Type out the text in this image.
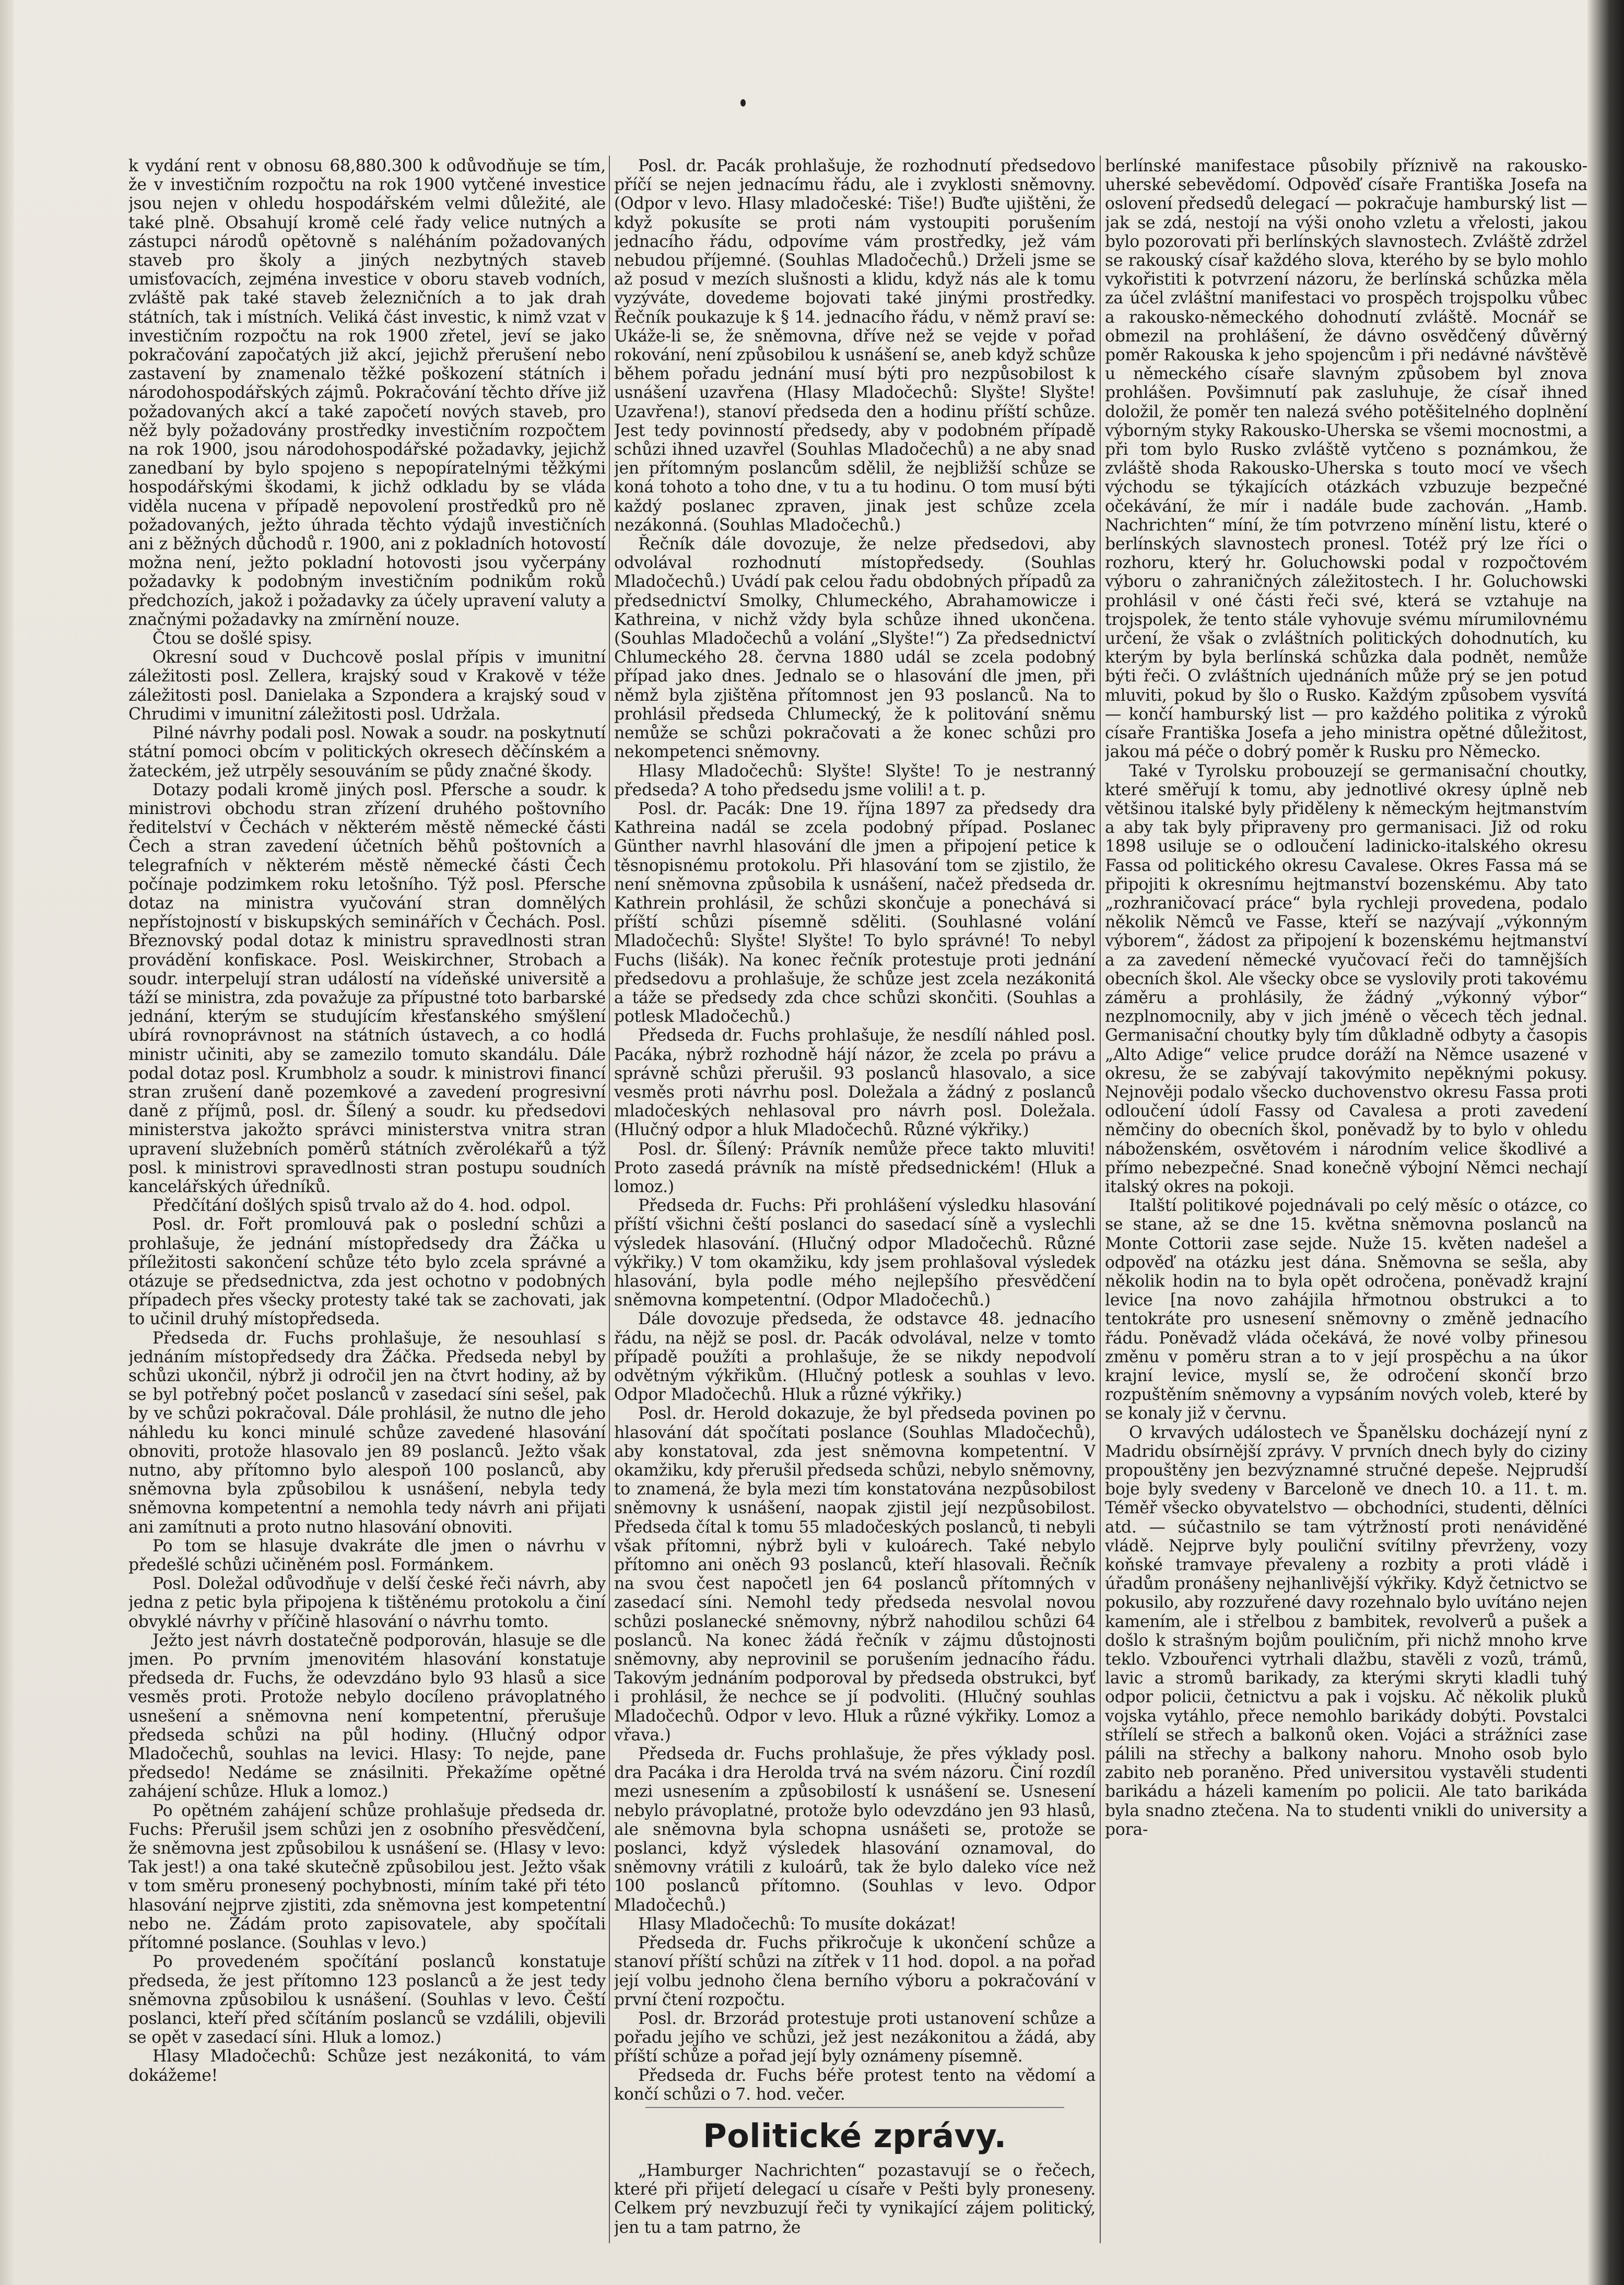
k vydání rent v obnosu 68,880.300 k odůvodňuje se tím, že v investičním rozpočtu na rok 1900 vytčené investice jsou nejen v ohledu hospodářském velmi důležité, ale také plně. Obsahují kromě celé řady velice nutných a zástupci národů opětovně s naléháním požadovaných staveb pro školy a jiných nezbytných staveb umisťovacích, zejména investice v oboru staveb vodních, zvláště pak také staveb železničních a to jak drah státních, tak i místních. Veliká část investic, k nimž vzat v investičním rozpočtu na rok 1900 zřetel, jeví se jako pokračování započatých již akcí, jejichž přerušení nebo zastavení by znamenalo těžké poškození státních i národohospodářských zájmů. Pokračování těchto dříve již požadovaných akcí a také započetí nových staveb, pro něž byly požadovány prostředky investičním rozpočtem na rok 1900, jsou národohospodářské požadavky, jejichž zanedbaní by bylo spojeno s nepopíratelnými těžkými hospodářskými škodami, k jichž odkladu by se vláda viděla nucena v případě nepovolení prostředků pro ně požadovaných, ježto úhrada těchto výdajů investičních ani z běžných důchodů r. 1900, ani z pokladních hotovostí možna není, ježto pokladní hotovosti jsou vyčerpány požadavky k podobným investičním podnikům roků předchozích, jakož i požadavky za účely upravení valuty a značnými požadavky na zmírnění nouze.

Čtou se došlé spisy.

Okresní soud v Duchcově poslal přípis v imunitní záležitosti posl. Zellera, krajský soud v Krakově v téže záležitosti posl. Danielaka a Szpondera a krajský soud v Chrudimi v imunitní záležitosti posl. Udržala.

Pilné návrhy podali posl. Nowak a soudr. na poskytnutí státní pomoci obcím v politických okresech děčínském a žateckém, jež utrpěly sesouváním se půdy značné škody.

Dotazy podali kromě jiných posl. Pfersche a soudr. k ministrovi obchodu stran zřízení druhého poštovního ředitelství v Čechách v některém městě německé části Čech a stran zavedení účetních běhů poštovních a telegrafních v některém městě německé části Čech počínaje podzimkem roku letošního. Týž posl. Pfersche dotaz na ministra vyučování stran domnělých nepřístojností v biskupských seminářích v Čechách. Posl. Březnovský podal dotaz k ministru spravedlnosti stran provádění konfiskace. Posl. Weiskirchner, Strobach a soudr. interpelují stran událostí na vídeňské universitě a táží se ministra, zda považuje za přípustné toto barbarské jednání, kterým se studujícím křesťanského smýšlení ubírá rovnoprávnost na státních ústavech, a co hodlá ministr učiniti, aby se zamezilo tomuto skandálu. Dále podal dotaz posl. Krumbholz a soudr. k ministrovi financí stran zrušení daně pozemkové a zavedení progresivní daně z příjmů, posl. dr. Šílený a soudr. ku předsedovi ministerstva jakožto správci ministerstva vnitra stran upravení služebních poměrů státních zvěrolékařů a týž posl. k ministrovi spravedlnosti stran postupu soudních kancelářských úředníků.

Předčítání došlých spisů trvalo až do 4. hod. odpol.

Posl. dr. Fořt promlouvá pak o poslední schůzi a prohlašuje, že jednání místopředsedy dra Žáčka u příležitosti sakončení schůze této bylo zcela správné a otázuje se předsednictva, zda jest ochotno v podobných případech přes všecky protesty také tak se zachovati, jak to učinil druhý místopředseda.

Předseda dr. Fuchs prohlašuje, že nesouhlasí s jednáním místopředsedy dra Žáčka. Předseda nebyl by schůzi ukončil, nýbrž ji odročil jen na čtvrt hodiny, až by se byl potřebný počet poslanců v zasedací síni sešel, pak by ve schůzi pokračoval. Dále prohlásil, že nutno dle jeho náhledu ku konci minulé schůze zavedené hlasování obnoviti, protože hlasovalo jen 89 poslanců. Ježto však nutno, aby přítomno bylo alespoň 100 poslanců, aby sněmovna byla způsobilou k usnášení, nebyla tedy sněmovna kompetentní a nemohla tedy návrh ani přijati ani zamítnuti a proto nutno hlasování obnoviti.

Po tom se hlasuje dvakráte dle jmen o návrhu v předešlé schůzi učiněném posl. Formánkem.

Posl. Doležal odůvodňuje v delší české řeči návrh, aby jedna z petic byla připojena k tištěnému protokolu a činí obvyklé návrhy v příčině hlasování o návrhu tomto.

Ježto jest návrh dostatečně podporován, hlasuje se dle jmen. Po prvním jmenovitém hlasování konstatuje předseda dr. Fuchs, že odevzdáno bylo 93 hlasů a sice vesměs proti. Protože nebylo docíleno právoplatného usnešení a sněmovna není kompetentní, přerušuje předseda schůzi na půl hodiny. (Hlučný odpor Mladočechů, souhlas na levici. Hlasy: To nejde, pane předsedo! Nedáme se znásilniti. Překažíme opětné zahájení schůze. Hluk a lomoz.)

Po opětném zahájení schůze prohlašuje předseda dr. Fuchs: Přerušil jsem schůzi jen z osobního přesvědčení, že sněmovna jest způsobilou k usnášení se. (Hlasy v levo: Tak jest!) a ona také skutečně způsobilou jest. Ježto však v tom směru pronesený pochybnosti, míním také při této hlasování nejprve zjistiti, zda sněmovna jest kompetentní nebo ne. Žádám proto zapisovatele, aby spočítali přítomné poslance. (Souhlas v levo.)

Po provedeném spočítání poslanců konstatuje předseda, že jest přítomno 123 poslanců a že jest tedy sněmovna způsobilou k usnášení. (Souhlas v levo. Čeští poslanci, kteří před sčítáním poslanců se vzdálili, objevili se opět v zasedací síni. Hluk a lomoz.)

Hlasy Mladočechů: Schůze jest nezákonitá, to vám dokážeme!

Posl. dr. Pacák prohlašuje, že rozhodnutí předsedovo příčí se nejen jednacímu řádu, ale i zvyklosti sněmovny. (Odpor v levo. Hlasy mladočeské: Tiše!) Buďte ujištěni, že když pokusíte se proti nám vystoupiti porušením jednacího řádu, odpovíme vám prostředky, jež vám nebudou příjemné. (Souhlas Mladočechů.) Drželi jsme se až posud v mezích slušnosti a klidu, když nás ale k tomu vyzýváte, dovedeme bojovati také jinými prostředky. Řečník poukazuje k § 14. jednacího řádu, v němž praví se: Ukáže-li se, že sněmovna, dříve než se vejde v pořad rokování, není způsobilou k usnášení se, aneb když schůze během pořadu jednání musí býti pro nezpůsobilost k usnášení uzavřena (Hlasy Mladočechů: Slyšte! Slyšte! Uzavřena!), stanoví předseda den a hodinu příští schůze. Jest tedy povinností předsedy, aby v podobném případě schůzi ihned uzavřel (Souhlas Mladočechů) a ne aby snad jen přítomným poslancům sdělil, že nejbližší schůze se koná tohoto a toho dne, v tu a tu hodinu. O tom musí býti každý poslanec zpraven, jinak jest schůze zcela nezákonná. (Souhlas Mladočechů.)

Řečník dále dovozuje, že nelze předsedovi, aby odvolával rozhodnutí místopředsedy. (Souhlas Mladočechů.) Uvádí pak celou řadu obdobných případů za předsednictví Smolky, Chlumeckého, Abrahamowicze i Kathreina, v nichž vždy byla schůze ihned ukončena. (Souhlas Mladočechů a volání „Slyšte!“) Za předsednictví Chlumeckého 28. června 1880 udál se zcela podobný případ jako dnes. Jednalo se o hlasování dle jmen, při němž byla zjištěna přítomnost jen 93 poslanců. Na to prohlásil předseda Chlumecký, že k politování sněmu nemůže se schůzi pokračovati a že konec schůzi pro nekompetenci sněmovny.

Hlasy Mladočechů: Slyšte! Slyšte! To je nestranný předseda? A toho předsedu jsme volili! a t. p.

Posl. dr. Pacák: Dne 19. října 1897 za předsedy dra Kathreina nadál se zcela podobný případ. Poslanec Günther navrhl hlasování dle jmen a připojení petice k těsnopisnému protokolu. Při hlasování tom se zjistilo, že není sněmovna způsobila k usnášení, načež předseda dr. Kathrein prohlásil, že schůzi skončuje a ponechává si příští schůzi písemně sděliti. (Souhlasné volání Mladočechů: Slyšte! Slyšte! To bylo správné! To nebyl Fuchs (lišák). Na konec řečník protestuje proti jednání předsedovu a prohlašuje, že schůze jest zcela nezákonitá a táže se předsedy zda chce schůzi skončiti. (Souhlas a potlesk Mladočechů.)

Předseda dr. Fuchs prohlašuje, že nesdílí náhled posl. Pacáka, nýbrž rozhodně hájí názor, že zcela po právu a správně schůzi přerušil. 93 poslanců hlasovalo, a sice vesměs proti návrhu posl. Doležala a žádný z poslanců mladočeských nehlasoval pro návrh posl. Doležala. (Hlučný odpor a hluk Mladočechů. Různé výkřiky.)

Posl. dr. Šílený: Právník nemůže přece takto mluviti! Proto zasedá právník na místě předsednickém! (Hluk a lomoz.)

Předseda dr. Fuchs: Při prohlášení výsledku hlasování příští všichni čeští poslanci do sasedací síně a vyslechli výsledek hlasování. (Hlučný odpor Mladočechů. Různé výkřiky.) V tom okamžiku, kdy jsem prohlašoval výsledek hlasování, byla podle mého nejlepšího přesvědčení sněmovna kompetentní. (Odpor Mladočechů.)

Dále dovozuje předseda, že odstavce 48. jednacího řádu, na nějž se posl. dr. Pacák odvolával, nelze v tomto případě použíti a prohlašuje, že se nikdy nepodvolí odvětným výkřikům. (Hlučný potlesk a souhlas v levo. Odpor Mladočechů. Hluk a různé výkřiky.)

Posl. dr. Herold dokazuje, že byl předseda povinen po hlasování dát spočítati poslance (Souhlas Mladočechů), aby konstatoval, zda jest sněmovna kompetentní. V okamžiku, kdy přerušil předseda schůzi, nebylo sněmovny, to znamená, že byla mezi tím konstatována nezpůsobilost sněmovny k usnášení, naopak zjistil její nezpůsobilost. Předseda čítal k tomu 55 mladočeských poslanců, ti nebyli však přítomni, nýbrž byli v kuloárech. Také nebylo přítomno ani oněch 93 poslanců, kteří hlasovali. Řečník na svou čest napočetl jen 64 poslanců přítomných v zasedací síni. Nemohl tedy předseda nesvolal novou schůzi poslanecké sněmovny, nýbrž nahodilou schůzi 64 poslanců. Na konec žádá řečník v zájmu důstojnosti sněmovny, aby neprovinil se porušením jednacího řádu. Takovým jednáním podporoval by předseda obstrukci, byť i prohlásil, že nechce se jí podvoliti. (Hlučný souhlas Mladočechů. Odpor v levo. Hluk a různé výkřiky. Lomoz a vřava.)

Předseda dr. Fuchs prohlašuje, že přes výklady posl. dra Pacáka i dra Herolda trvá na svém názoru. Činí rozdíl mezi usnesením a způsobilostí k usnášení se. Usnesení nebylo právoplatné, protože bylo odevzdáno jen 93 hlasů, ale sněmovna byla schopna usnášeti se, protože se poslanci, když výsledek hlasování oznamoval, do sněmovny vrátili z kuloárů, tak že bylo daleko více než 100 poslanců přítomno. (Souhlas v levo. Odpor Mladočechů.)

Hlasy Mladočechů: To musíte dokázat!

Předseda dr. Fuchs přikročuje k ukončení schůze a stanoví příští schůzi na zítřek v 11 hod. dopol. a na pořad její volbu jednoho člena berního výboru a pokračování v první čtení rozpočtu.

Posl. dr. Brzorád protestuje proti ustanovení schůze a pořadu jejího ve schůzi, jež jest nezákonitou a žádá, aby příští schůze a pořad její byly oznámeny písemně.

Předseda dr. Fuchs béře protest tento na vědomí a končí schůzi o 7. hod. večer.

Politické zprávy.

„Hamburger Nachrichten“ pozastavují se o řečech, které při přijetí delegací u císaře v Pešti byly proneseny. Celkem prý nevzbuzují řeči ty vynikající zájem politický, jen tu a tam patrno, že

berlínské manifestace působily příznivě na rakousko-uherské sebevědomí. Odpověď císaře Františka Josefa na oslovení předsedů delegací — pokračuje hamburský list — jak se zdá, nestojí na výši onoho vzletu a vřelosti, jakou bylo pozorovati při berlínských slavnostech. Zvláště zdržel se rakouský císař každého slova, kterého by se bylo mohlo vykořistiti k potvrzení názoru, že berlínská schůzka měla za účel zvláštní manifestaci vo prospěch trojspolku vůbec a rakousko-německého dohodnutí zvláště. Mocnář se obmezil na prohlášení, že dávno osvědčený důvěrný poměr Rakouska k jeho spojencům i při nedávné návštěvě u německého císaře slavným způsobem byl znova prohlášen. Povšimnutí pak zasluhuje, že císař ihned doložil, že poměr ten nalezá svého potěšitelného doplnění výborným styky Rakousko-Uherska se všemi mocnostmi, a při tom bylo Rusko zvláště vytčeno s poznámkou, že zvláště shoda Rakousko-Uherska s touto mocí ve všech východu se týkajících otázkách vzbuzuje bezpečné očekávání, že mír i nadále bude zachován. „Hamb. Nachrichten“ míní, že tím potvrzeno mínění listu, které o berlínských slavnostech pronesl. Totéž prý lze říci o rozhoru, který hr. Goluchowski podal v rozpočtovém výboru o zahraničných záležitostech. I hr. Goluchowski prohlásil v oné části řeči své, která se vztahuje na trojspolek, že tento stále vyhovuje svému mírumilovnému určení, že však o zvláštních politických dohodnutích, ku kterým by byla berlínská schůzka dala podnět, nemůže býti řeči. O zvláštních ujednáních může prý se jen potud mluviti, pokud by šlo o Rusko. Každým způsobem vysvítá — končí hamburský list — pro každého politika z výroků císaře Františka Josefa a jeho ministra opětné důležitost, jakou má péče o dobrý poměr k Rusku pro Německo.

Také v Tyrolsku probouzejí se germanisační choutky, které směřují k tomu, aby jednotlivé okresy úplně neb většinou italské byly přiděleny k německým hejtmanstvím a aby tak byly připraveny pro germanisaci. Již od roku 1898 usiluje se o odloučení ladinicko-italského okresu Fassa od politického okresu Cavalese. Okres Fassa má se připojiti k okresnímu hejtmanství bozenskému. Aby tato „rozhraničovací práce“ byla rychleji provedena, podalo několik Němců ve Fasse, kteří se nazývají „výkonným výborem“, žádost za připojení k bozenskému hejtmanství a za zavedení německé vyučovací řeči do tamnějších obecních škol. Ale všecky obce se vyslovily proti takovému záměru a prohlásily, že žádný „výkonný výbor“ nezplnomocnily, aby v jich jméně o věcech těch jednal. Germanisační choutky byly tím důkladně odbyty a časopis „Alto Adige“ velice prudce doráží na Němce usazené v okresu, že se zabývají takovýmito nepěknými pokusy. Nejnověji podalo všecko duchovenstvo okresu Fassa proti odloučení údolí Fassy od Cavalesa a proti zavedení němčiny do obecních škol, poněvadž by to bylo v ohledu náboženském, osvětovém i národním velice škodlivé a přímo nebezpečné. Snad konečně výbojní Němci nechají italský okres na pokoji.

Italští politikové pojednávali po celý měsíc o otázce, co se stane, až se dne 15. května sněmovna poslanců na Monte Cottorii zase sejde. Nuže 15. květen nadešel a odpověď na otázku jest dána. Sněmovna se sešla, aby několik hodin na to byla opět odročena, poněvadž krajní levice [na novo zahájila hřmotnou obstrukci a to tentokráte pro usnesení sněmovny o změně jednacího řádu. Poněvadž vláda očekává, že nové volby přinesou změnu v poměru stran a to v její prospěchu a na úkor krajní levice, myslí se, že odročení skončí brzo rozpuštěním sněmovny a vypsáním nových voleb, které by se konaly již v červnu.

O krvavých událostech ve Španělsku docházejí nyní z Madridu obsírnější zprávy. V prvních dnech byly do ciziny propouštěny jen bezvýznamné stručné depeše. Nejprudší boje byly svedeny v Barceloně ve dnech 10. a 11. t. m. Téměř všecko obyvatelstvo — obchodníci, studenti, dělníci atd. — súčastnilo se tam výtržností proti nenáviděné vládě. Nejprve byly pouliční svítilny převrženy, vozy koňské tramvaye převaleny a rozbity a proti vládě i úřadům pronášeny nejhanlivější výkřiky. Když četnictvo se pokusilo, aby rozzuřené davy rozehnalo bylo uvítáno nejen kamením, ale i střelbou z bambitek, revolverů a pušek a došlo k strašným bojům pouličním, při nichž mnoho krve teklo. Vzbouřenci vytrhali dlažbu, stavěli z vozů, trámů, lavic a stromů barikady, za kterými skryti kladli tuhý odpor policii, četnictvu a pak i vojsku. Ač několik pluků vojska vytáhlo, přece nemohlo barikády dobýti. Povstalci střílelí se střech a balkonů oken. Vojáci a strážníci zase pálili na střechy a balkony nahoru. Mnoho osob bylo zabito neb poraněno. Před universitou vystavěli studenti barikádu a házeli kamením po policii. Ale tato barikáda byla snadno ztečena. Na to studenti vnikli do university a pora-
